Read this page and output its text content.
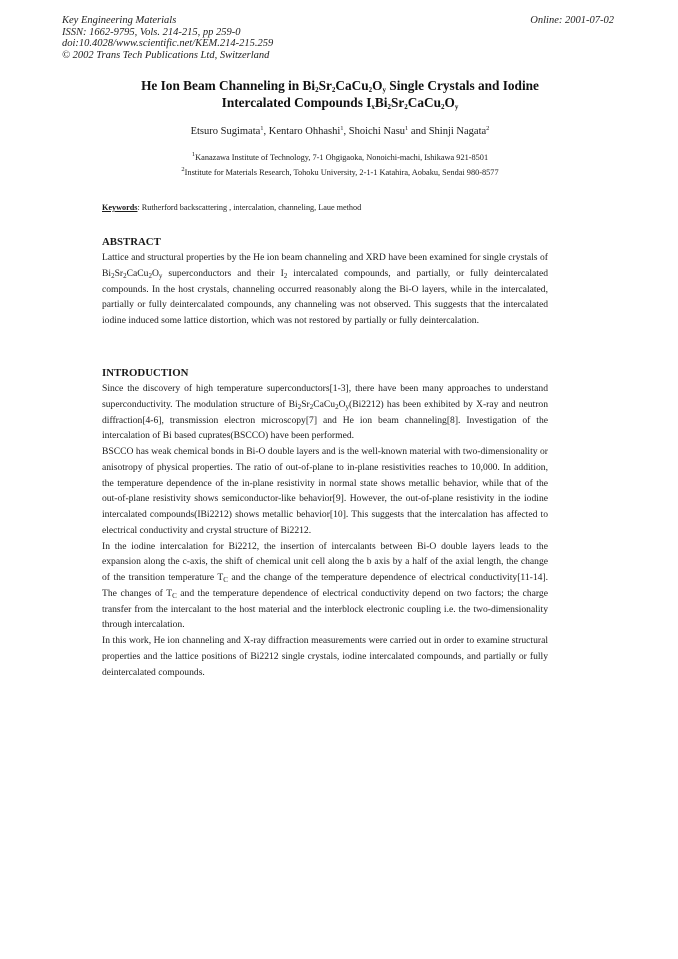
Key Engineering Materials
ISSN: 1662-9795, Vols. 214-215, pp 259-0
doi:10.4028/www.scientific.net/KEM.214-215.259
© 2002 Trans Tech Publications Ltd, Switzerland
Online: 2001-07-02
He Ion Beam Channeling in $Bi_2Sr_2CaCu_2O_y$ Single Crystals and Iodine
Intercalated Compounds $I_xBi_2Sr_2CaCu_2O_y$
Etsuro Sugimata$^1$, Kentaro Ohhashi$^1$, Shoichi Nasu$^1$ and Shinji Nagata$^2$
$^1$Kanazawa Institute of Technology, 7-1 Ohgigaoka, Nonoichi-machi, Ishikawa 921-8501
$^2$Institute for Materials Research, Tohoku University, 2-1-1 Katahira, Aobaku, Sendai 980-8577
Keywords: Rutherford backscattering , intercalation, channeling, Laue method
ABSTRACT

Lattice and structural properties by the He ion beam channeling and XRD have been examined for single crystals of $Bi_2Sr_2CaCu_2O_y$ superconductors and their $I_2$ intercalated compounds, and partially, or fully deintercalated compounds. In the host crystals, channeling occurred reasonably along the Bi-O layers, while in the intercalated, partially or fully deintercalated compounds, any channeling was not observed. This suggests that the intercalated iodine induced some lattice distortion, which was not restored by partially or fully deintercalation.

INTRODUCTION

Since the discovery of high temperature superconductors[1-3], there have been many approaches to understand superconductivity. The modulation structure of $Bi_2Sr_2CaCu_2O_y(Bi2212)$ has been exhibited by X-ray and neutron diffraction[4-6], transmission electron microscopy[7] and He ion beam channeling[8]. Investigation of the intercalation of Bi based cuprates(BSCCO) have been performed.

BSCCO has weak chemical bonds in Bi-O double layers and is the well-known material with two-dimensionality or anisotropy of physical properties. The ratio of out-of-plane to in-plane resistivities reaches to 10,000. In addition, the temperature dependence of the in-plane resistivity in normal state shows metallic behavior, while that of the out-of-plane resistivity shows semiconductor-like behavior[9]. However, the out-of-plane resistivity in the iodine intercalated compounds(IBi2212) shows metallic behavior[10]. This suggests that the intercalation has affected to electrical conductivity and crystal structure of Bi2212.

In the iodine intercalation for Bi2212, the insertion of intercalants between Bi-O double layers leads to the expansion along the c-axis, the shift of chemical unit cell along the b axis by a half of the axial length, the change of the transition temperature $T_C$ and the change of the temperature dependence of electrical conductivity[11-14]. The changes of $T_C$ and the temperature dependence of electrical conductivity depend on two factors; the charge transfer from the intercalant to the host material and the interblock electronic coupling i.e. the two-dimensionality through intercalation.

In this work, He ion channeling and X-ray diffraction measurements were carried out in order to examine structural properties and the lattice positions of Bi2212 single crystals, iodine intercalated compounds, and partially or fully deintercalated compounds.
